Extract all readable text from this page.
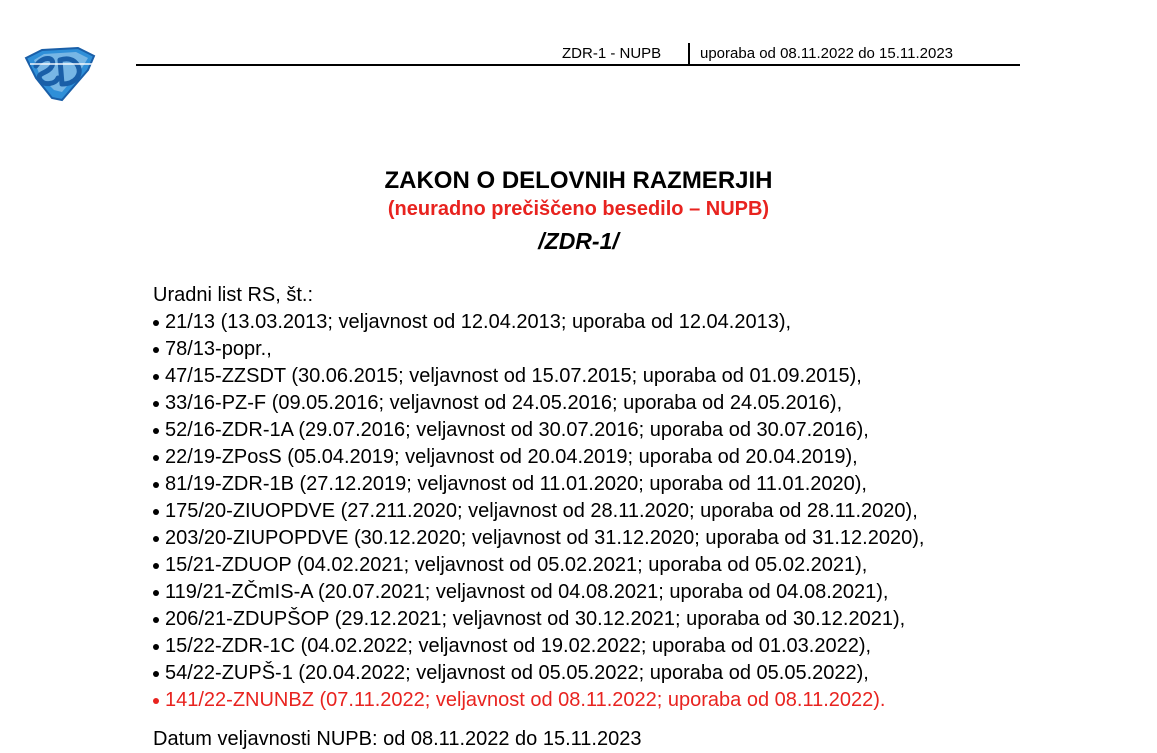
ZDR-1 - NUPB	uporaba od 08.11.2022 do 15.11.2023
ZAKON O DELOVNIH RAZMERJIH
(neuradno prečiščeno besedilo – NUPB)
/ZDR-1/
Uradni list RS, št.:
21/13 (13.03.2013; veljavnost od 12.04.2013; uporaba od 12.04.2013),
78/13-popr.,
47/15-ZZSDT (30.06.2015; veljavnost od 15.07.2015; uporaba od 01.09.2015),
33/16-PZ-F (09.05.2016; veljavnost od 24.05.2016; uporaba od 24.05.2016),
52/16-ZDR-1A (29.07.2016; veljavnost od 30.07.2016; uporaba od 30.07.2016),
22/19-ZPosS (05.04.2019; veljavnost od 20.04.2019; uporaba od 20.04.2019),
81/19-ZDR-1B (27.12.2019; veljavnost od 11.01.2020; uporaba od 11.01.2020),
175/20-ZIUOPDVE (27.211.2020; veljavnost od 28.11.2020; uporaba od 28.11.2020),
203/20-ZIUPOPDVE (30.12.2020; veljavnost od 31.12.2020; uporaba od 31.12.2020),
15/21-ZDUOP (04.02.2021; veljavnost od 05.02.2021; uporaba od 05.02.2021),
119/21-ZČmIS-A (20.07.2021; veljavnost od 04.08.2021; uporaba od 04.08.2021),
206/21-ZDUPŠOP (29.12.2021; veljavnost od 30.12.2021; uporaba od 30.12.2021),
15/22-ZDR-1C (04.02.2022; veljavnost od 19.02.2022; uporaba od 01.03.2022),
54/22-ZUPŠ-1 (20.04.2022; veljavnost od 05.05.2022; uporaba od 05.05.2022),
141/22-ZNUNBZ (07.11.2022; veljavnost od 08.11.2022; uporaba od 08.11.2022).
Datum veljavnosti NUPB: od 08.11.2022 do 15.11.2023
